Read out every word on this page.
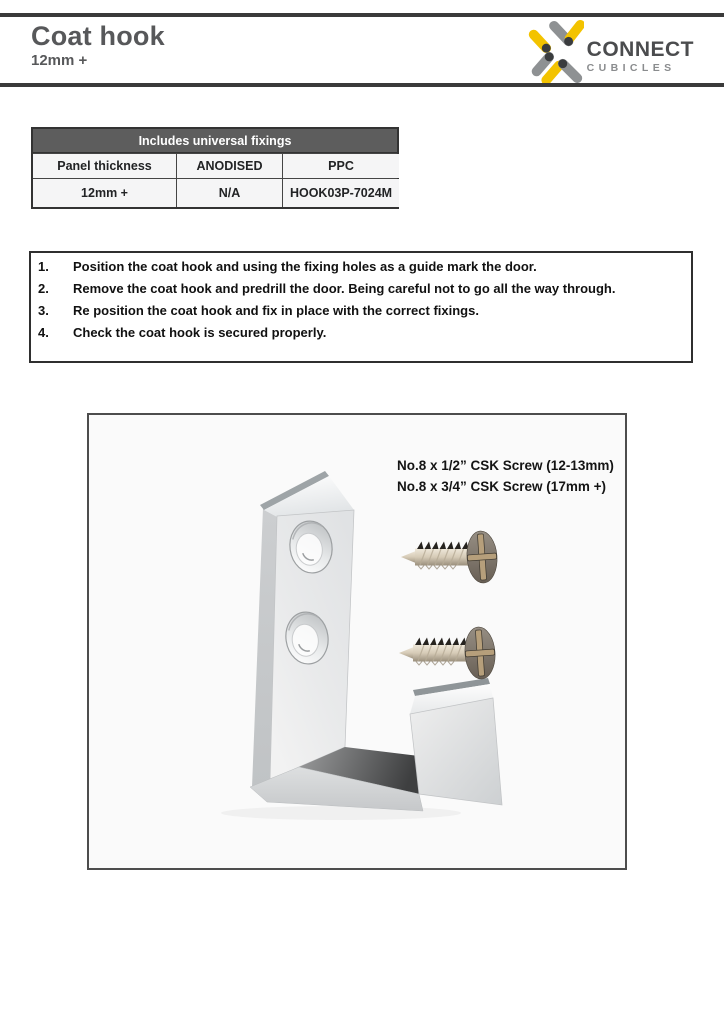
Coat hook
12mm +	CONNECT
CUBICLES
Includes universal fixings
Panel thickness	ANODISED	PPC
12mm +	N/A	HOOK03P-7024M
1.	Position the coat hook and using the fixing holes as a guide mark the door.
2.	Remove the coat hook and predrill the door. Being careful not to go all the way through.
3.	Re position the coat hook and fix in place with the correct fixings.
4.	Check the coat hook is secured properly.
No.8 x 1/2” CSK Screw (12-13mm)
No.8 x 3/4” CSK Screw (17mm +)
